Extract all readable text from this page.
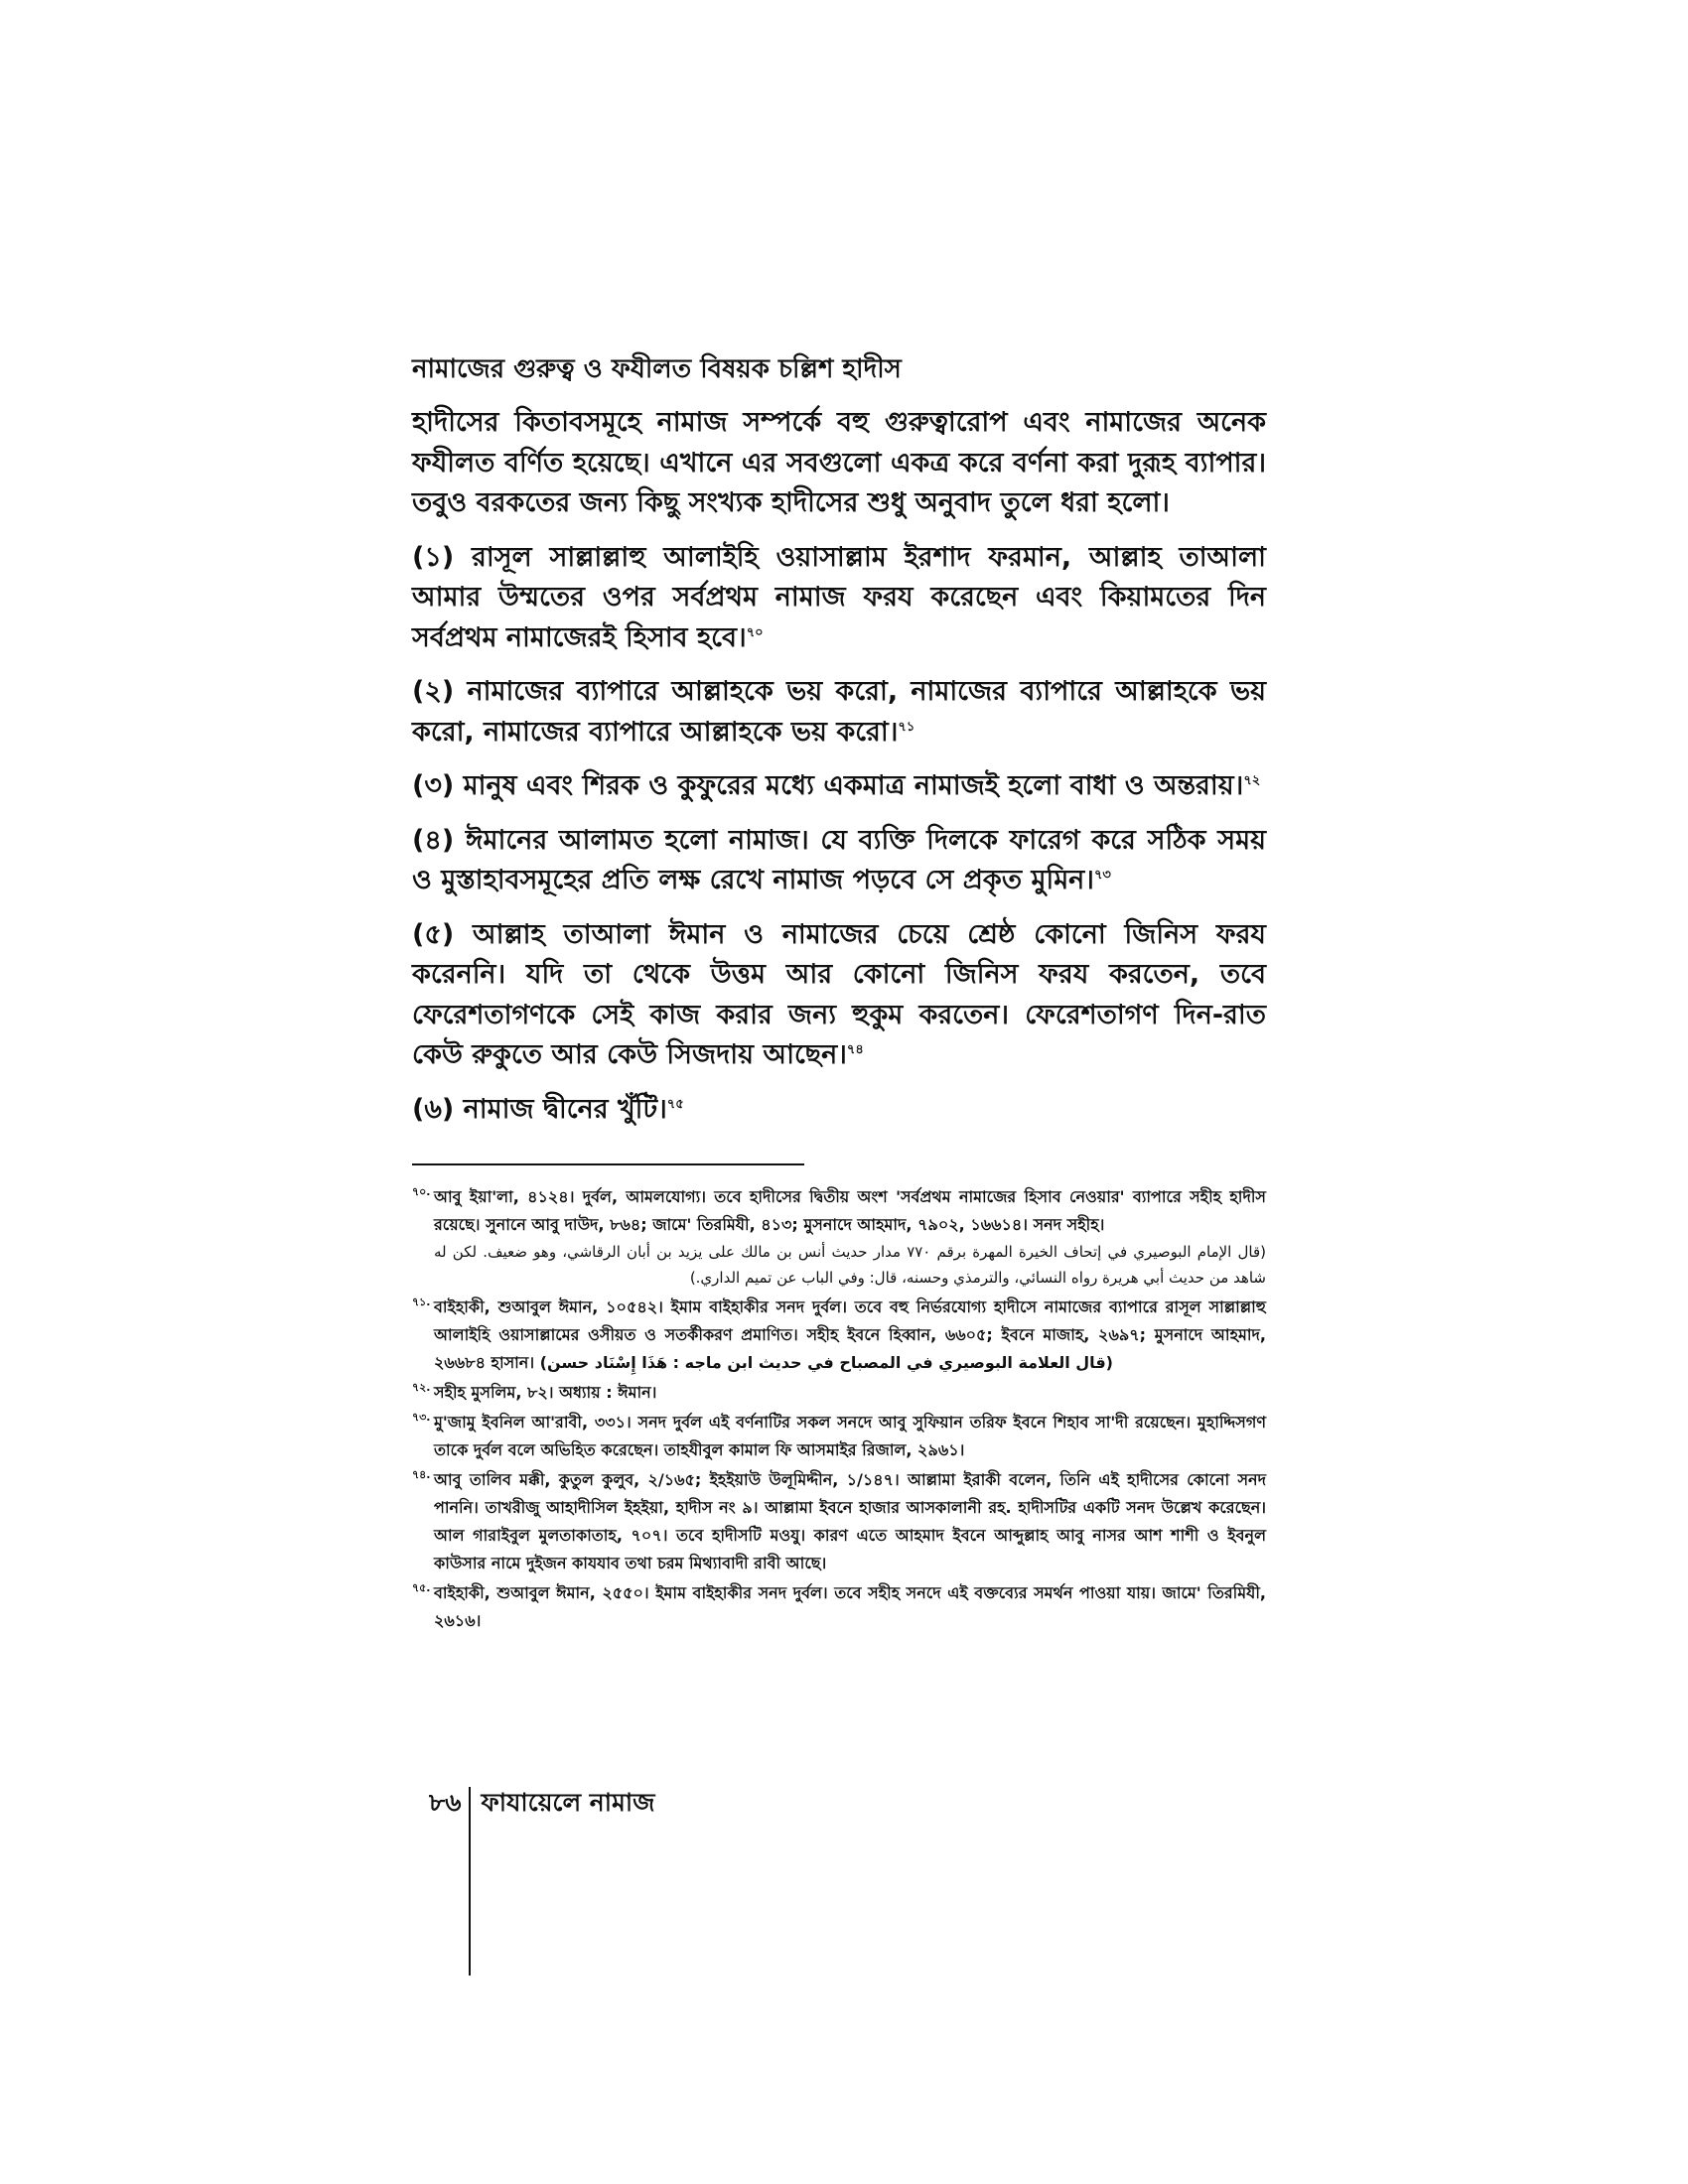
নামাজের গুরুত্ব ও ফযীলত বিষয়ক চল্লিশ হাদীস

হাদীসের কিতাবসমূহে নামাজ সম্পর্কে বহু গুরুত্বারোপ এবং নামাজের অনেক ফযীলত বর্ণিত হয়েছে। এখানে এর সবগুলো একত্র করে বর্ণনা করা দুরূহ ব্যাপার। তবুও বরকতের জন্য কিছু সংখ্যক হাদীসের শুধু অনুবাদ তুলে ধরা হলো।

(১) রাসূল সাল্লাল্লাহু আলাইহি ওয়াসাল্লাম ইরশাদ ফরমান, আল্লাহ তাআলা আমার উম্মতের ওপর সর্বপ্রথম নামাজ ফরয করেছেন এবং কিয়ামতের দিন সর্বপ্রথম নামাজেরই হিসাব হবে।$^{৭০}$

(২) নামাজের ব্যাপারে আল্লাহকে ভয় করো, নামাজের ব্যাপারে আল্লাহকে ভয় করো, নামাজের ব্যাপারে আল্লাহকে ভয় করো।$^{৭১}$

(৩) মানুষ এবং শিরক ও কুফুরের মধ্যে একমাত্র নামাজই হলো বাধা ও অন্তরায়।$^{৭২}$

(৪) ঈমানের আলামত হলো নামাজ। যে ব্যক্তি দিলকে ফারেগ করে সঠিক সময় ও মুস্তাহাবসমূহের প্রতি লক্ষ রেখে নামাজ পড়বে সে প্রকৃত মুমিন।$^{৭৩}$

(৫) আল্লাহ তাআলা ঈমান ও নামাজের চেয়ে শ্রেষ্ঠ কোনো জিনিস ফরয করেননি। যদি তা থেকে উত্তম আর কোনো জিনিস ফরয করতেন, তবে ফেরেশতাগণকে সেই কাজ করার জন্য হুকুম করতেন। ফেরেশতাগণ দিন-রাত কেউ রুকুতে আর কেউ সিজদায় আছেন।$^{৭৪}$

(৬) নামাজ দ্বীনের খুঁটি।$^{৭৫}$

৭০. আবু ইয়া'লা, ৪১২৪। দুর্বল, আমলযোগ্য। তবে হাদীসের দ্বিতীয় অংশ 'সর্বপ্রথম নামাজের হিসাব নেওয়ার' ব্যাপারে সহীহ হাদীস রয়েছে। সুনানে আবু দাউদ, ৮৬৪; জামে' তিরমিযী, ৪১৩; মুসনাদে আহমাদ, ৭৯০২, ১৬৬১৪। সনদ সহীহ।
(قال الإمام البوصيري في إتحاف الخيرة المهرة برقم ٧٧٠ مدار حديث أنس بن مالك على يزيد بن أبان الرقاشي، وهو ضعيف. لكن له شاهد من حديث أبي هريرة رواه النسائي، والترمذي وحسنه، قال: وفي الباب عن تميم الداري.)
৭১. বাইহাকী, শুআবুল ঈমান, ১০৫৪২। ইমাম বাইহাকীর সনদ দুর্বল। তবে বহু নির্ভরযোগ্য হাদীসে নামাজের ব্যাপারে রাসূল সাল্লাল্লাহু আলাইহি ওয়াসাল্লামের ওসীয়ত ও সতর্কীকরণ প্রমাণিত। সহীহ ইবনে হিব্বান, ৬৬০৫; ইবনে মাজাহ, ২৬৯৭; মুসনাদে আহমাদ, ২৬৬৮৪ হাসান। (قال العلامة البوصيري في المصباح في حديث ابن ماجه : هَذَا إِسْنَاد حسن)
৭২. সহীহ মুসলিম, ৮২। অধ্যায় : ঈমান।
৭৩. মু'জামু ইবনিল আ'রাবী, ৩৩১। সনদ দুর্বল এই বর্ণনাটির সকল সনদে আবু সুফিয়ান তরিফ ইবনে শিহাব সা'দী রয়েছেন। মুহাদ্দিসগণ তাকে দুর্বল বলে অভিহিত করেছেন। তাহযীবুল কামাল ফি আসমাইর রিজাল, ২৯৬১।
৭৪. আবু তালিব মক্কী, কুতুল কুলুব, ২/১৬৫; ইহইয়াউ উলূমিদ্দীন, ১/১৪৭। আল্লামা ইরাকী বলেন, তিনি এই হাদীসের কোনো সনদ পাননি। তাখরীজু আহাদীসিল ইহইয়া, হাদীস নং ৯। আল্লামা ইবনে হাজার আসকালানী রহ. হাদীসটির একটি সনদ উল্লেখ করেছেন। আল গারাইবুল মুলতাকাতাহ, ৭০৭। তবে হাদীসটি মওযু। কারণ এতে আহমাদ ইবনে আব্দুল্লাহ আবু নাসর আশ শাশী ও ইবনুল কাউসার নামে দুইজন কাযযাব তথা চরম মিথ্যাবাদী রাবী আছে।
৭৫. বাইহাকী, শুআবুল ঈমান, ২৫৫০। ইমাম বাইহাকীর সনদ দুর্বল। তবে সহীহ সনদে এই বক্তব্যের সমর্থন পাওয়া যায়। জামে' তিরমিযী, ২৬১৬।
৮৬ ফাযায়েলে নামাজ
